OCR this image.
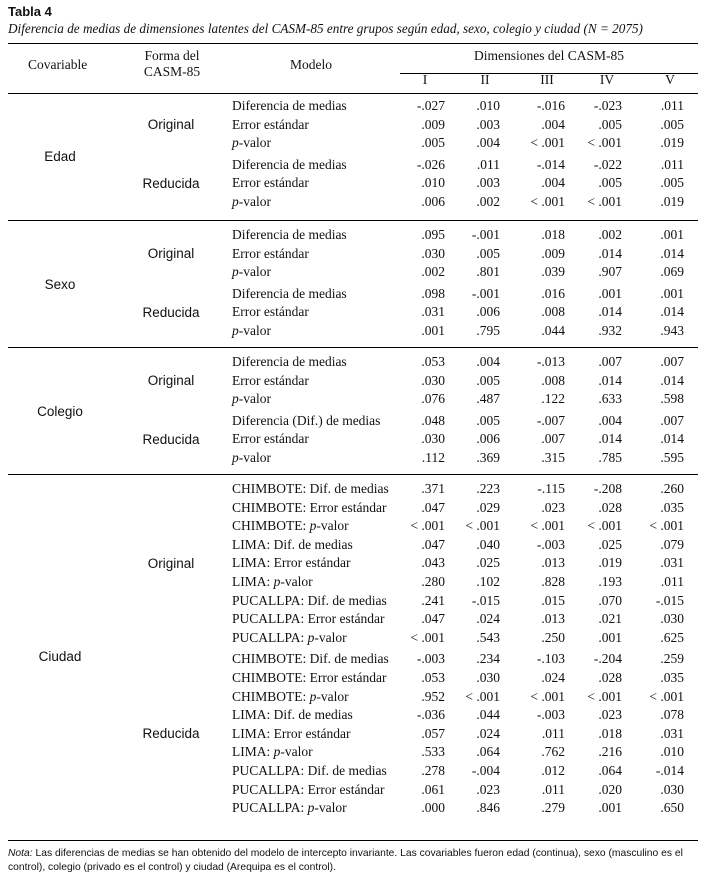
Tabla 4
Diferencia de medias de dimensiones latentes del CASM-85 entre grupos según edad, sexo, colegio y ciudad (N = 2075)
Covariable
Forma del
CASM-85	Modelo
Dimensiones del CASM-85
I	II	III	IV	V
Diferencia de medias	-.027	.010	-.016	-.023	.011
Error estándar	.009	.003	.004	.005	.005
p-valor	.005	.004	< .001	< .001	.019
Original
Diferencia de medias	-.026	.011	-.014	-.022	.011
Error estándar	.010	.003	.004	.005	.005
p-valor	.006	.002	< .001	< .001	.019
Reducida
Edad
Diferencia de medias	.095	-.001	.018	.002	.001
Error estándar	.030	.005	.009	.014	.014
p-valor	.002	.801	.039	.907	.069
Original
Diferencia de medias	.098	-.001	.016	.001	.001
Error estándar	.031	.006	.008	.014	.014
p-valor	.001	.795	.044	.932	.943
Reducida
Sexo
Diferencia de medias	.053	.004	-.013	.007	.007
Error estándar	.030	.005	.008	.014	.014
p-valor	.076	.487	.122	.633	.598
Original
Diferencia (Dif.) de medias	.048	.005	-.007	.004	.007
Error estándar	.030	.006	.007	.014	.014
p-valor	.112	.369	.315	.785	.595
Reducida
Colegio
CHIMBOTE: Dif. de medias	.371	.223	-.115	-.208	.260
CHIMBOTE: Error estándar	.047	.029	.023	.028	.035
CHIMBOTE: p-valor	< .001	< .001	< .001	< .001	< .001
LIMA: Dif. de medias	.047	.040	-.003	.025	.079
LIMA: Error estándar	.043	.025	.013	.019	.031
LIMA: p-valor	.280	.102	.828	.193	.011
PUCALLPA: Dif. de medias	.241	-.015	.015	.070	-.015
PUCALLPA: Error estándar	.047	.024	.013	.021	.030
PUCALLPA: p-valor	< .001	.543	.250	.001	.625
Original
CHIMBOTE: Dif. de medias	-.003	.234	-.103	-.204	.259
CHIMBOTE: Error estándar	.053	.030	.024	.028	.035
CHIMBOTE: p-valor	.952	< .001	< .001	< .001	< .001
LIMA: Dif. de medias	-.036	.044	-.003	.023	.078
LIMA: Error estándar	.057	.024	.011	.018	.031
LIMA: p-valor	.533	.064	.762	.216	.010
PUCALLPA: Dif. de medias	.278	-.004	.012	.064	-.014
PUCALLPA: Error estándar	.061	.023	.011	.020	.030
PUCALLPA: p-valor	.000	.846	.279	.001	.650
Reducida
Ciudad
Nota: Las diferencias de medias se han obtenido del modelo de intercepto invariante. Las covariables fueron edad (continua), sexo (masculino es el control), colegio (privado es el control) y ciudad (Arequipa es el control).
